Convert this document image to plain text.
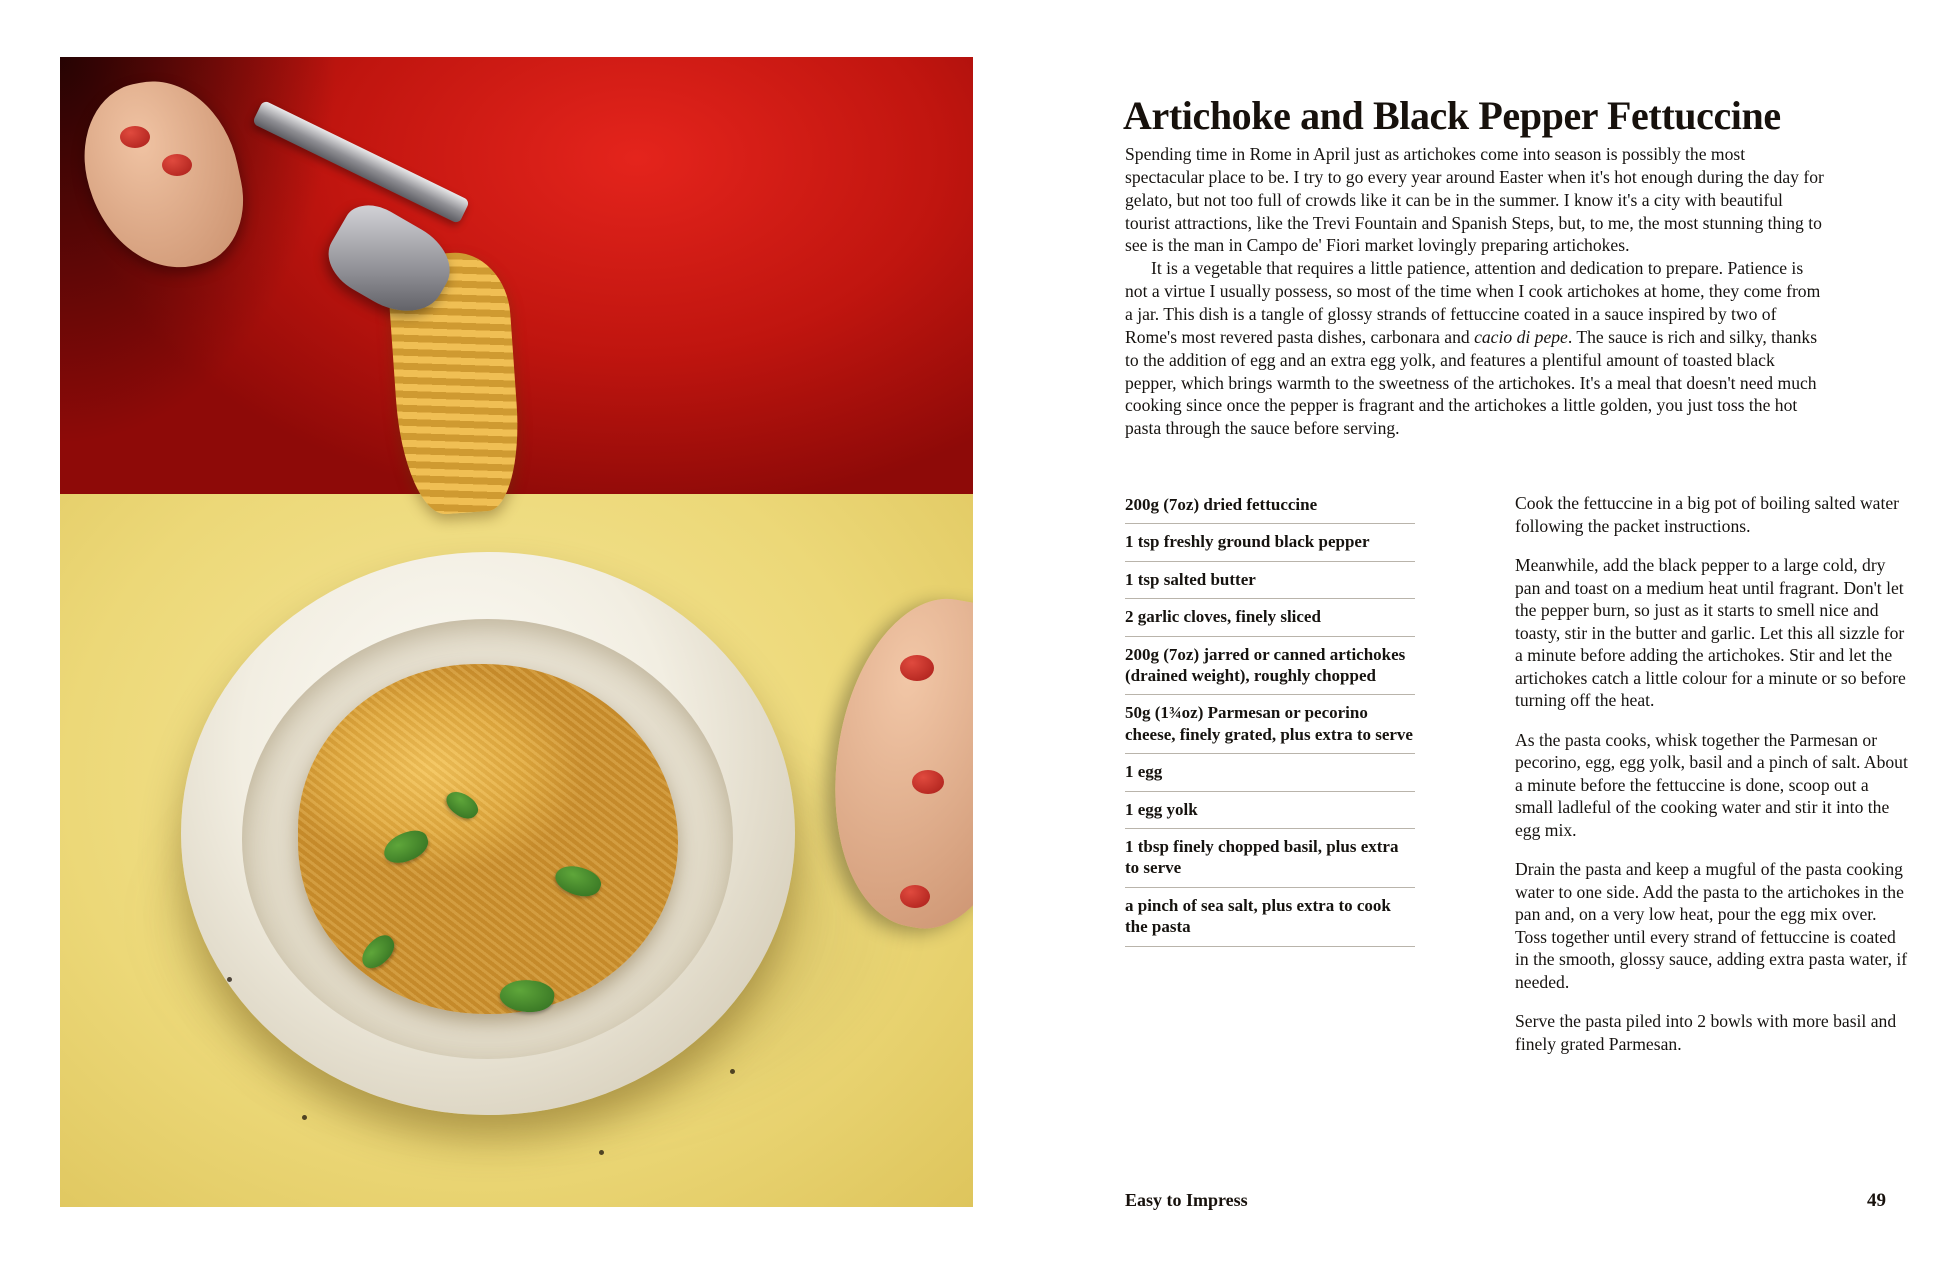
Artichoke and Black Pepper Fettuccine

Spending time in Rome in April just as artichokes come into season is possibly the most spectacular place to be. I try to go every year around Easter when it's hot enough during the day for gelato, but not too full of crowds like it can be in the summer. I know it's a city with beautiful tourist attractions, like the Trevi Fountain and Spanish Steps, but, to me, the most stunning thing to see is the man in Campo de' Fiori market lovingly preparing artichokes.

It is a vegetable that requires a little patience, attention and dedication to prepare. Patience is not a virtue I usually possess, so most of the time when I cook artichokes at home, they come from a jar. This dish is a tangle of glossy strands of fettuccine coated in a sauce inspired by two of Rome's most revered pasta dishes, carbonara and cacio di pepe. The sauce is rich and silky, thanks to the addition of egg and an extra egg yolk, and features a plentiful amount of toasted black pepper, which brings warmth to the sweetness of the artichokes. It's a meal that doesn't need much cooking since once the pepper is fragrant and the artichokes a little golden, you just toss the hot pasta through the sauce before serving.

200g (7oz) dried fettuccine
1 tsp freshly ground black pepper
1 tsp salted butter
2 garlic cloves, finely sliced
200g (7oz) jarred or canned artichokes (drained weight), roughly chopped
50g (1¾oz) Parmesan or pecorino cheese, finely grated, plus extra to serve
1 egg
1 egg yolk
1 tbsp finely chopped basil, plus extra to serve
a pinch of sea salt, plus extra to cook the pasta

Cook the fettuccine in a big pot of boiling salted water following the packet instructions.

Meanwhile, add the black pepper to a large cold, dry pan and toast on a medium heat until fragrant. Don't let the pepper burn, so just as it starts to smell nice and toasty, stir in the butter and garlic. Let this all sizzle for a minute before adding the artichokes. Stir and let the artichokes catch a little colour for a minute or so before turning off the heat.

As the pasta cooks, whisk together the Parmesan or pecorino, egg, egg yolk, basil and a pinch of salt. About a minute before the fettuccine is done, scoop out a small ladleful of the cooking water and stir it into the egg mix.

Drain the pasta and keep a mugful of the pasta cooking water to one side. Add the pasta to the artichokes in the pan and, on a very low heat, pour the egg mix over. Toss together until every strand of fettuccine is coated in the smooth, glossy sauce, adding extra pasta water, if needed.

Serve the pasta piled into 2 bowls with more basil and finely grated Parmesan.

Easy to Impress	49
